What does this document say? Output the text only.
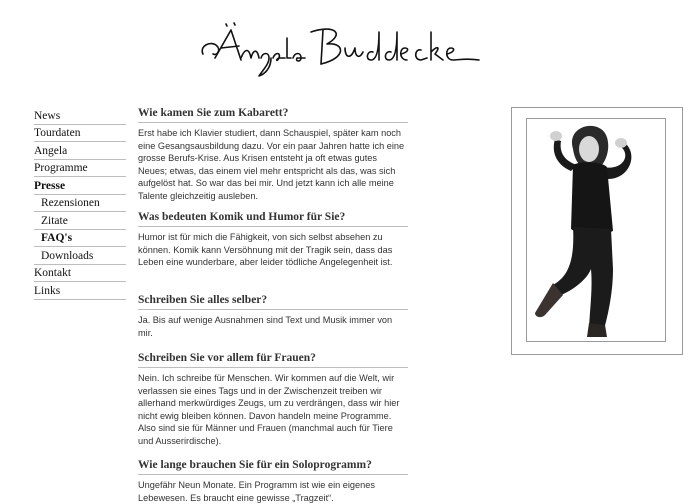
News
Tourdaten
Angela
Programme
Presse
Rezensionen
Zitate
FAQ's
Downloads
Kontakt
Links
Wie kamen Sie zum Kabarett?

Erst habe ich Klavier studiert, dann Schauspiel, später kam noch eine Gesangsausbildung dazu. Vor ein paar Jahren hatte ich eine grosse Berufs-Krise. Aus Krisen entsteht ja oft etwas gutes Neues; etwas, das einem viel mehr entspricht als das, was sich aufgelöst hat. So war das bei mir. Und jetzt kann ich alle meine Talente gleichzeitig ausleben.

Was bedeuten Komik und Humor für Sie?

Humor ist für mich die Fähigkeit, von sich selbst absehen zu können. Komik kann Versöhnung mit der Tragik sein, dass das Leben eine wunderbare, aber leider tödliche Angelegenheit ist.

Schreiben Sie alles selber?

Ja. Bis auf wenige Ausnahmen sind Text und Musik immer von mir.

Schreiben Sie vor allem für Frauen?

Nein. Ich schreibe für Menschen. Wir kommen auf die Welt, wir verlassen sie eines Tags und in der Zwischenzeit treiben wir allerhand merkwürdiges Zeugs, um zu verdrängen, dass wir hier nicht ewig bleiben können. Davon handeln meine Programme. Also sind sie für Männer und Frauen (manchmal auch für Tiere und Ausserirdische).

Wie lange brauchen Sie für ein Soloprogramm?

Ungefähr Neun Monate. Ein Programm ist wie ein eigenes Lebewesen. Es braucht eine gewisse „Tragzeit“.
